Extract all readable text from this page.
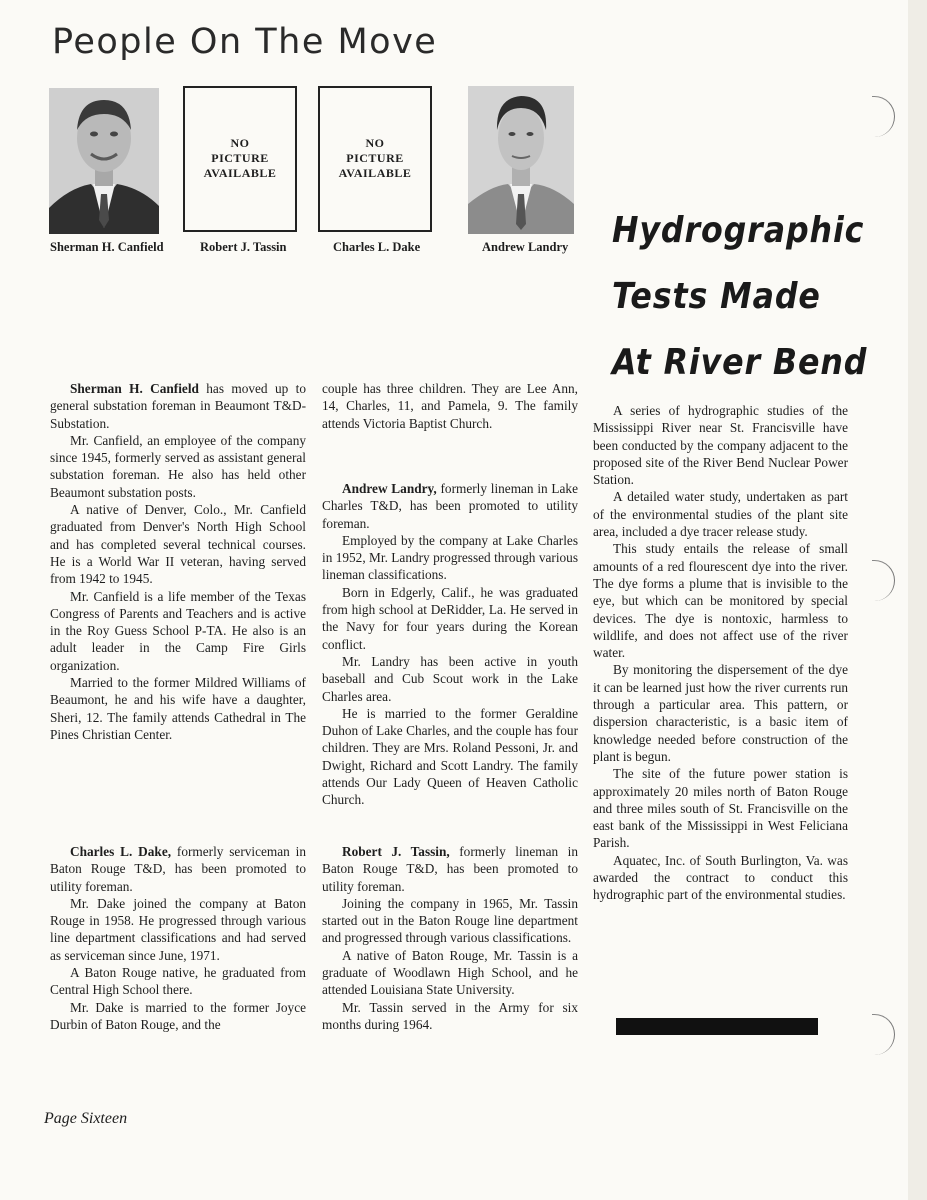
People On The Move
Sherman H. Canfield
NO
PICTURE
AVAILABLE
Robert J. Tassin
NO
PICTURE
AVAILABLE
Charles L. Dake	Andrew Landry Hydrographic
Tests Made
At River Bend

Sherman H. Canfield has moved up to general substation foreman in Beaumont T&D-Substation.

Mr. Canfield, an employee of the company since 1945, formerly served as assistant general substation foreman. He also has held other Beaumont substation posts.

A native of Denver, Colo., Mr. Canfield graduated from Denver's North High School and has completed several technical courses. He is a World War II veteran, having served from 1942 to 1945.

Mr. Canfield is a life member of the Texas Congress of Parents and Teachers and is active in the Roy Guess School P-TA. He also is an adult leader in the Camp Fire Girls organization.

Married to the former Mildred Williams of Beaumont, he and his wife have a daughter, Sheri, 12. The family attends Cathedral in The Pines Christian Center.

Charles L. Dake, formerly serviceman in Baton Rouge T&D, has been promoted to utility foreman.

Mr. Dake joined the company at Baton Rouge in 1958. He progressed through various line department classifications and had served as serviceman since June, 1971.

A Baton Rouge native, he graduated from Central High School there.

Mr. Dake is married to the former Joyce Durbin of Baton Rouge, and the

couple has three children. They are Lee Ann, 14, Charles, 11, and Pamela, 9. The family attends Victoria Baptist Church.

Andrew Landry, formerly lineman in Lake Charles T&D, has been promoted to utility foreman.

Employed by the company at Lake Charles in 1952, Mr. Landry progressed through various lineman classifications.

Born in Edgerly, Calif., he was graduated from high school at DeRidder, La. He served in the Navy for four years during the Korean conflict.

Mr. Landry has been active in youth baseball and Cub Scout work in the Lake Charles area.

He is married to the former Geraldine Duhon of Lake Charles, and the couple has four children. They are Mrs. Roland Pessoni, Jr. and Dwight, Richard and Scott Landry. The family attends Our Lady Queen of Heaven Catholic Church.

Robert J. Tassin, formerly lineman in Baton Rouge T&D, has been promoted to utility foreman.

Joining the company in 1965, Mr. Tassin started out in the Baton Rouge line department and progressed through various classifications.

A native of Baton Rouge, Mr. Tassin is a graduate of Woodlawn High School, and he attended Louisiana State University.

Mr. Tassin served in the Army for six months during 1964.

A series of hydrographic studies of the Mississippi River near St. Francisville have been conducted by the company adjacent to the proposed site of the River Bend Nuclear Power Station.

A detailed water study, undertaken as part of the environmental studies of the plant site area, included a dye tracer release study.

This study entails the release of small amounts of a red flourescent dye into the river. The dye forms a plume that is invisible to the eye, but which can be monitored by special devices. The dye is nontoxic, harmless to wildlife, and does not affect use of the river water.

By monitoring the dispersement of the dye it can be learned just how the river currents run through a particular area. This pattern, or dispersion characteristic, is a basic item of knowledge needed before construction of the plant is begun.

The site of the future power station is approximately 20 miles north of Baton Rouge and three miles south of St. Francisville on the east bank of the Mississippi in West Feliciana Parish.

Aquatec, Inc. of South Burlington, Va. was awarded the contract to conduct this hydrographic part of the environmental studies.

Page Sixteen
